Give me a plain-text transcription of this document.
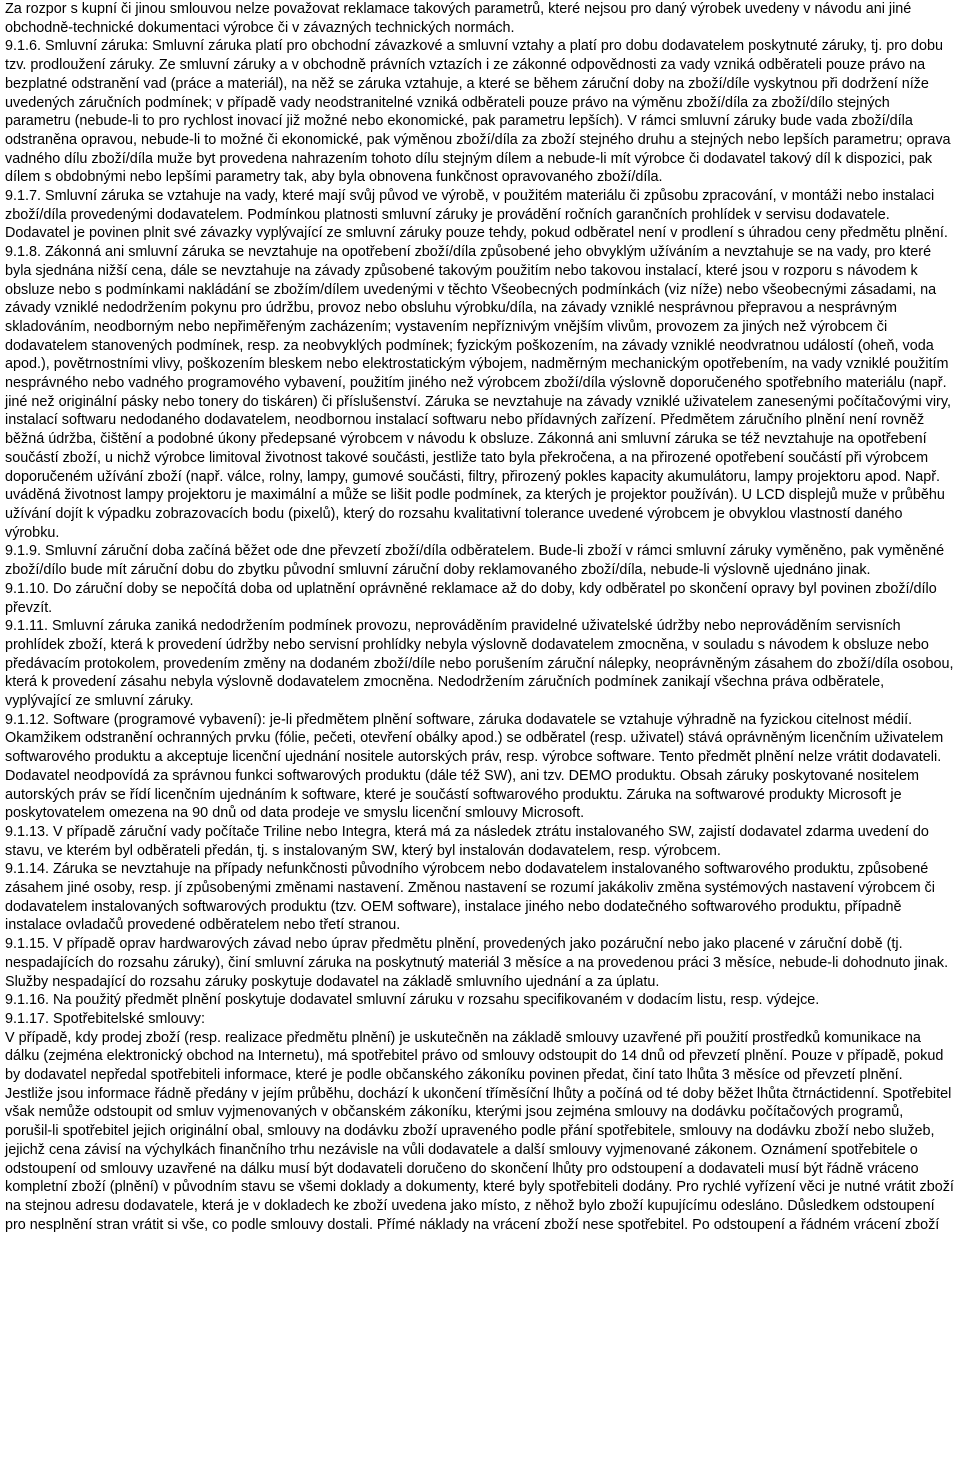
Za rozpor s kupní či jinou smlouvou nelze považovat reklamace takových parametrů, které nejsou pro daný výrobek uvedeny v návodu ani jiné obchodně-technické dokumentaci výrobce či v závazných technických normách.

9.1.6. Smluvní záruka: Smluvní záruka platí pro obchodní závazkové a smluvní vztahy a platí pro dobu dodavatelem poskytnuté záruky, tj. pro dobu tzv. prodloužení záruky. Ze smluvní záruky a v obchodně právních vztazích i ze zákonné odpovědnosti za vady vzniká odběrateli pouze právo na bezplatné odstranění vad (práce a materiál), na něž se záruka vztahuje, a které se během záruční doby na zboží/díle vyskytnou při dodržení níže uvedených záručních podmínek; v případě vady neodstranitelné vzniká odběrateli pouze právo na výměnu zboží/díla za zboží/dílo stejných parametru (nebude-li to pro rychlost inovací již možné nebo ekonomické, pak parametru lepších). V rámci smluvní záruky bude vada zboží/díla odstraněna opravou, nebude-li to možné či ekonomické, pak výměnou zboží/díla za zboží stejného druhu a stejných nebo lepších parametru; oprava vadného dílu zboží/díla muže byt provedena nahrazením tohoto dílu stejným dílem a nebude-li mít výrobce či dodavatel takový díl k dispozici, pak dílem s obdobnými nebo lepšími parametry tak, aby byla obnovena funkčnost opravovaného zboží/díla.

9.1.7. Smluvní záruka se vztahuje na vady, které mají svůj původ ve výrobě, v použitém materiálu či způsobu zpracování, v montáži nebo instalaci zboží/díla provedenými dodavatelem. Podmínkou platnosti smluvní záruky je provádění ročních garančních prohlídek v servisu dodavatele. Dodavatel je povinen plnit své závazky vyplývající ze smluvní záruky pouze tehdy, pokud odběratel není v prodlení s úhradou ceny předmětu plnění.

9.1.8. Zákonná ani smluvní záruka se nevztahuje na opotřebení zboží/díla způsobené jeho obvyklým užíváním a nevztahuje se na vady, pro které byla sjednána nižší cena, dále se nevztahuje na závady způsobené takovým použitím nebo takovou instalací, které jsou v rozporu s návodem k obsluze nebo s podmínkami nakládání se zbožím/dílem uvedenými v těchto Všeobecných podmínkách (viz níže) nebo všeobecnými zásadami, na závady vzniklé nedodržením pokynu pro údržbu, provoz nebo obsluhu výrobku/díla, na závady vzniklé nesprávnou přepravou a nesprávným skladováním, neodborným nebo nepřiměřeným zacházením; vystavením nepříznivým vnějším vlivům, provozem za jiných než výrobcem či dodavatelem stanovených podmínek, resp. za neobvyklých podmínek; fyzickým poškozením, na závady vzniklé neodvratnou událostí (oheň, voda apod.), povětrnostními vlivy, poškozením bleskem nebo elektrostatickým výbojem, nadměrným mechanickým opotřebením, na vady vzniklé použitím nesprávného nebo vadného programového vybavení, použitím jiného než výrobcem zboží/díla výslovně doporučeného spotřebního materiálu (např. jiné než originální pásky nebo tonery do tiskáren) či příslušenství. Záruka se nevztahuje na závady vzniklé uživatelem zanesenými počítačovými viry, instalací softwaru nedodaného dodavatelem, neodbornou instalací softwaru nebo přídavných zařízení. Předmětem záručního plnění není rovněž běžná údržba, čištění a podobné úkony předepsané výrobcem v návodu k obsluze. Zákonná ani smluvní záruka se též nevztahuje na opotřebení součástí zboží, u nichž výrobce limitoval životnost takové součásti, jestliže tato byla překročena, a na přirozené opotřebení součástí při výrobcem doporučeném užívání zboží (např. válce, rolny, lampy, gumové součásti, filtry, přirozený pokles kapacity akumulátoru, lampy projektoru apod. Např. uváděná životnost lampy projektoru je maximální a může se lišit podle podmínek, za kterých je projektor používán). U LCD displejů muže v průběhu užívání dojít k výpadku zobrazovacích bodu (pixelů), který do rozsahu kvalitativní tolerance uvedené výrobcem je obvyklou vlastností daného výrobku.

9.1.9. Smluvní záruční doba začíná běžet ode dne převzetí zboží/díla odběratelem. Bude-li zboží v rámci smluvní záruky vyměněno, pak vyměněné zboží/dílo bude mít záruční dobu do zbytku původní smluvní záruční doby reklamovaného zboží/díla, nebude-li výslovně ujednáno jinak.

9.1.10. Do záruční doby se nepočítá doba od uplatnění oprávněné reklamace až do doby, kdy odběratel po skončení opravy byl povinen zboží/dílo převzít.

9.1.11. Smluvní záruka zaniká nedodržením podmínek provozu, neprováděním pravidelné uživatelské údržby nebo neprováděním servisních prohlídek zboží, která k provedení údržby nebo servisní prohlídky nebyla výslovně dodavatelem zmocněna, v souladu s návodem k obsluze nebo předávacím protokolem, provedením změny na dodaném zboží/díle nebo porušením záruční nálepky, neoprávněným zásahem do zboží/díla osobou, která k provedení zásahu nebyla výslovně dodavatelem zmocněna. Nedodržením záručních podmínek zanikají všechna práva odběratele, vyplývající ze smluvní záruky.

9.1.12. Software (programové vybavení): je-li předmětem plnění software, záruka dodavatele se vztahuje výhradně na fyzickou citelnost médií. Okamžikem odstranění ochranných prvku (fólie, pečeti, otevření obálky apod.) se odběratel (resp. uživatel) stává oprávněným licenčním uživatelem softwarového produktu a akceptuje licenční ujednání nositele autorských práv, resp. výrobce software. Tento předmět plnění nelze vrátit dodavateli. Dodavatel neodpovídá za správnou funkci softwarových produktu (dále též SW), ani tzv. DEMO produktu. Obsah záruky poskytované nositelem autorských práv se řídí licenčním ujednáním k software, které je součástí softwarového produktu. Záruka na softwarové produkty Microsoft je poskytovatelem omezena na 90 dnů od data prodeje ve smyslu licenční smlouvy Microsoft.

9.1.13. V případě záruční vady počítače Triline nebo Integra, která má za následek ztrátu instalovaného SW, zajistí dodavatel zdarma uvedení do stavu, ve kterém byl odběrateli předán, tj. s instalovaným SW, který byl instalován dodavatelem, resp. výrobcem.

9.1.14. Záruka se nevztahuje na případy nefunkčnosti původního výrobcem nebo dodavatelem instalovaného softwarového produktu, způsobené zásahem jiné osoby, resp. jí způsobenými změnami nastavení. Změnou nastavení se rozumí jakákoliv změna systémových nastavení výrobcem či dodavatelem instalovaných softwarových produktu (tzv. OEM software), instalace jiného nebo dodatečného softwarového produktu, případně instalace ovladačů provedené odběratelem nebo třetí stranou.

9.1.15. V případě oprav hardwarových závad nebo úprav předmětu plnění, provedených jako pozáruční nebo jako placené v záruční době (tj. nespadajících do rozsahu záruky), činí smluvní záruka na poskytnutý materiál 3 měsíce a na provedenou práci 3 měsíce, nebude-li dohodnuto jinak. Služby nespadající do rozsahu záruky poskytuje dodavatel na základě smluvního ujednání a za úplatu.

9.1.16. Na použitý předmět plnění poskytuje dodavatel smluvní záruku v rozsahu specifikovaném v dodacím listu, resp. výdejce.

9.1.17. Spotřebitelské smlouvy:

V případě, kdy prodej zboží (resp. realizace předmětu plnění) je uskutečněn na základě smlouvy uzavřené při použití prostředků komunikace na dálku (zejména elektronický obchod na Internetu), má spotřebitel právo od smlouvy odstoupit do 14 dnů od převzetí plnění. Pouze v případě, pokud by dodavatel nepředal spotřebiteli informace, které je podle občanského zákoníku povinen předat, činí tato lhůta 3 měsíce od převzetí plnění. Jestliže jsou informace řádně předány v jejím průběhu, dochází k ukončení tříměsíční lhůty a počíná od té doby běžet lhůta čtrnáctidenní. Spotřebitel však nemůže odstoupit od smluv vyjmenovaných v občanském zákoníku, kterými jsou zejména smlouvy na dodávku počítačových programů, porušil-li spotřebitel jejich originální obal, smlouvy na dodávku zboží upraveného podle přání spotřebitele, smlouvy na dodávku zboží nebo služeb, jejichž cena závisí na výchylkách finančního trhu nezávisle na vůli dodavatele a další smlouvy vyjmenované zákonem. Oznámení spotřebitele o odstoupení od smlouvy uzavřené na dálku musí být dodavateli doručeno do skončení lhůty pro odstoupení a dodavateli musí být řádně vráceno kompletní zboží (plnění) v původním stavu se všemi doklady a dokumenty, které byly spotřebiteli dodány. Pro rychlé vyřízení věci je nutné vrátit zboží na stejnou adresu dodavatele, která je v dokladech ke zboží uvedena jako místo, z něhož bylo zboží kupujícímu odesláno. Důsledkem odstoupení pro nesplnění stran vrátit si vše, co podle smlouvy dostali. Přímé náklady na vrácení zboží nese spotřebitel. Po odstoupení a řádném vrácení zboží
